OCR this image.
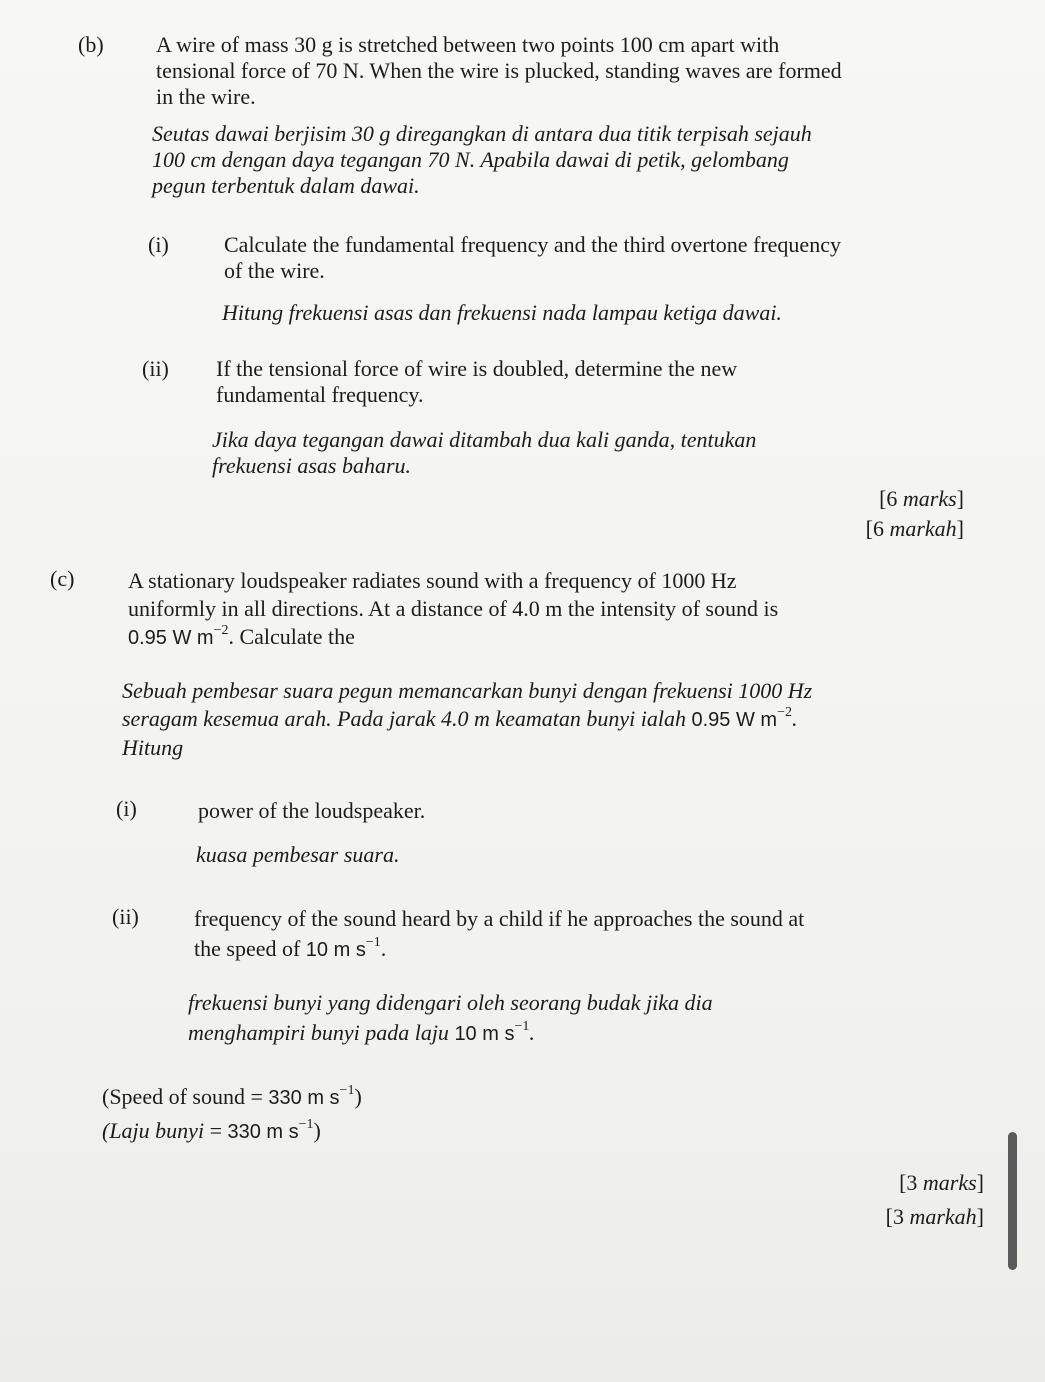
(b) A wire of mass 30 g is stretched between two points 100 cm apart with
tensional force of 70 N. When the wire is plucked, standing waves are formed
in the wire.
Seutas dawai berjisim 30 g diregangkan di antara dua titik terpisah sejauh
100 cm dengan daya tegangan 70 N. Apabila dawai di petik, gelombang
pegun terbentuk dalam dawai.
(i)	Calculate the fundamental frequency and the third overtone frequency
of the wire.
Hitung frekuensi asas dan frekuensi nada lampau ketiga dawai.
(ii) If the tensional force of wire is doubled, determine the new
fundamental frequency.
Jika daya tegangan dawai ditambah dua kali ganda, tentukan
frekuensi asas baharu.
[6 marks]
[6 markah]
(c) A stationary loudspeaker radiates sound with a frequency of 1000 Hz
uniformly in all directions. At a distance of 4.0 m the intensity of sound is
0.95 W $m^{-2}$. Calculate the
Sebuah pembesar suara pegun memancarkan bunyi dengan frekuensi 1000 Hz
seragam kesemua arah. Pada jarak 4.0 m keamatan bunyi ialah 0.95 W $m^{-2}$.
Hitung
(i)	power of the loudspeaker.
kuasa pembesar suara.
(ii)	frequency of the sound heard by a child if he approaches the sound at
the speed of 10 m $s^{-1}$.
frekuensi bunyi yang didengari oleh seorang budak jika dia
menghampiri bunyi pada laju 10 m $s^{-1}$.
(Speed of sound = 330 m $s^{-1}$)
(Laju bunyi = 330 m $s^{-1}$)
[3 marks]
[3 markah]
